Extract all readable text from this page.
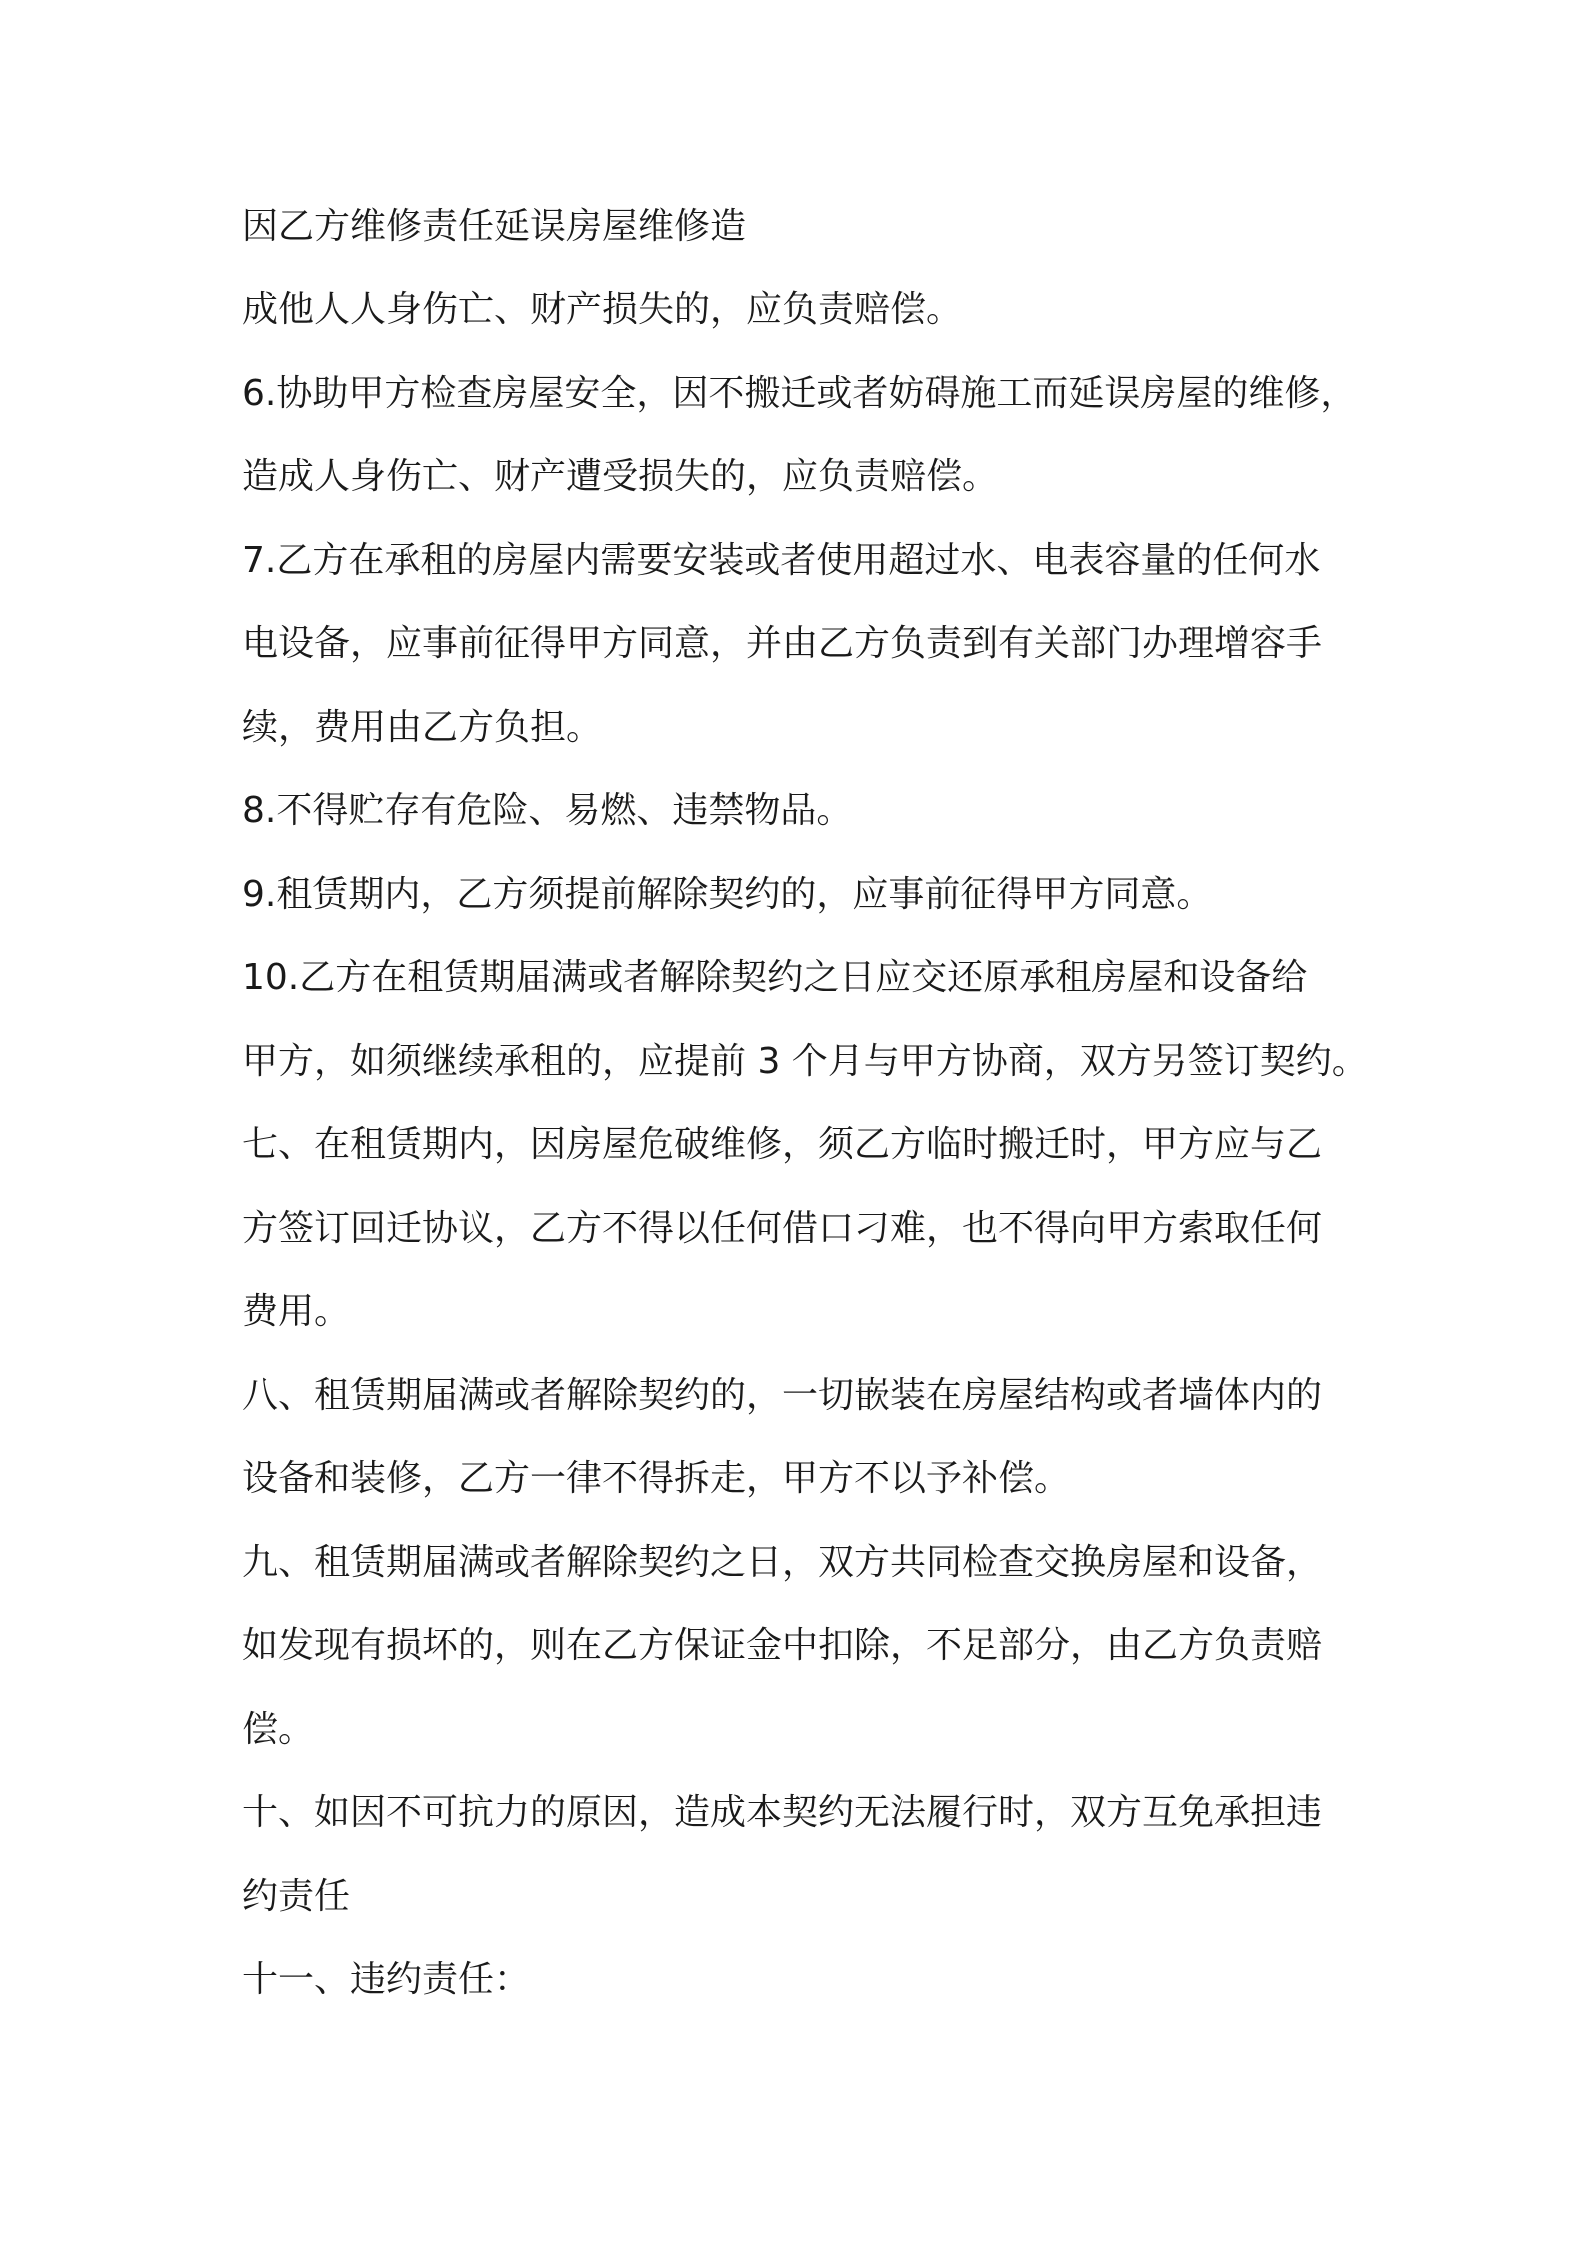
因乙方维修责任延误房屋维修造
成他人人身伤亡、财产损失的，应负责赔偿。
6.协助甲方检查房屋安全，因不搬迁或者妨碍施工而延误房屋的维修，
造成人身伤亡、财产遭受损失的，应负责赔偿。
7.乙方在承租的房屋内需要安装或者使用超过水、电表容量的任何水
电设备，应事前征得甲方同意，并由乙方负责到有关部门办理增容手
续，费用由乙方负担。
8.不得贮存有危险、易燃、违禁物品。
9.租赁期内，乙方须提前解除契约的，应事前征得甲方同意。
10.乙方在租赁期届满或者解除契约之日应交还原承租房屋和设备给
甲方，如须继续承租的，应提前 3 个月与甲方协商，双方另签订契约。
七、在租赁期内，因房屋危破维修，须乙方临时搬迁时，甲方应与乙
方签订回迁协议，乙方不得以任何借口刁难，也不得向甲方索取任何
费用。
八、租赁期届满或者解除契约的，一切嵌装在房屋结构或者墙体内的
设备和装修，乙方一律不得拆走，甲方不以予补偿。
九、租赁期届满或者解除契约之日，双方共同检查交换房屋和设备，
如发现有损坏的，则在乙方保证金中扣除，不足部分，由乙方负责赔
偿。
十、如因不可抗力的原因，造成本契约无法履行时，双方互免承担违
约责任
十一、违约责任：
